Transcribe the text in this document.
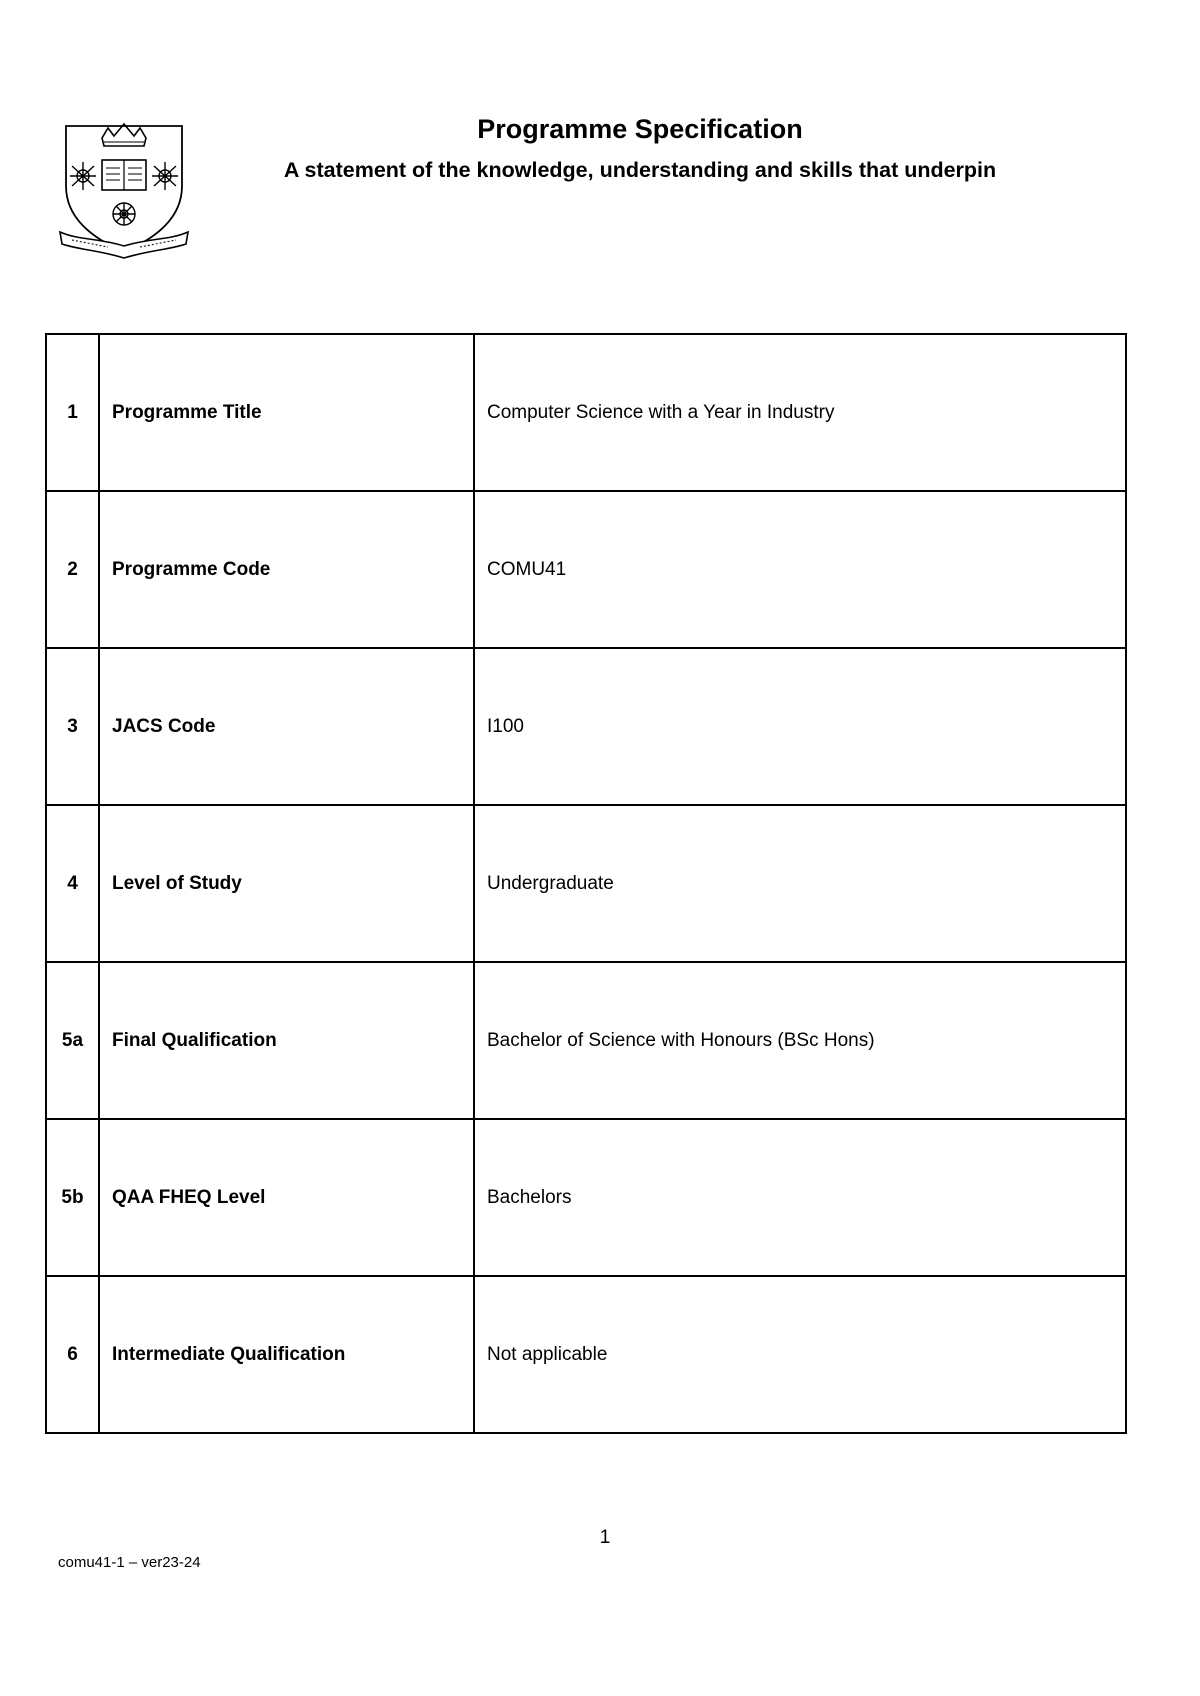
Programme Specification
A statement of the knowledge, understanding and skills that underpin
1	Programme Title	Computer Science with a Year in Industry
2	Programme Code	COMU41
3	JACS Code	I100
4	Level of Study	Undergraduate
5a	Final Qualification	Bachelor of Science with Honours (BSc Hons)
5b	QAA FHEQ Level	Bachelors
6	Intermediate Qualification	Not applicable
1
comu41-1 – ver23-24
